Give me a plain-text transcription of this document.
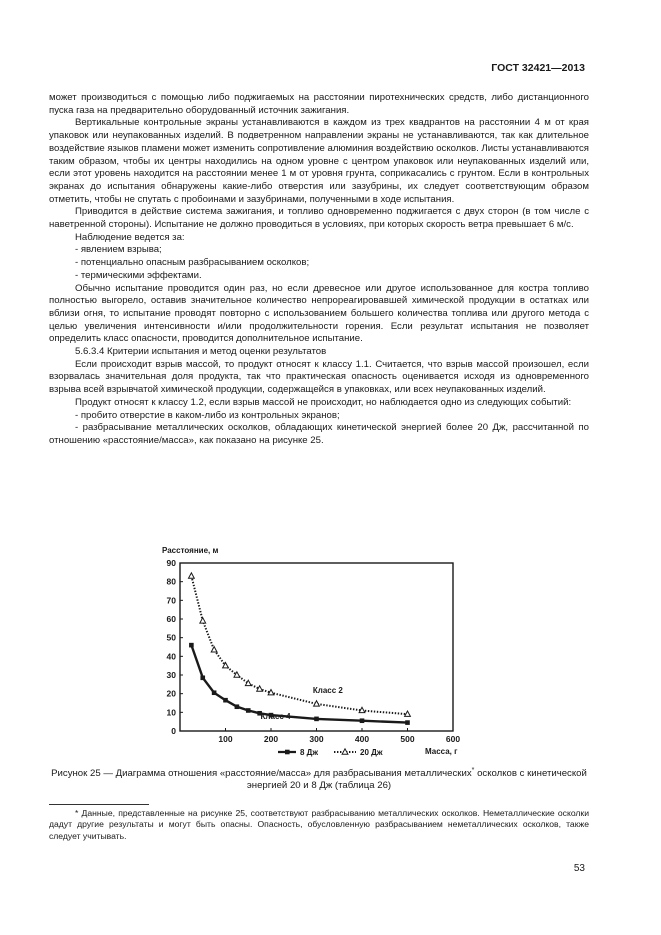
ГОСТ 32421—2013

может производиться с помощью либо поджигаемых на расстоянии пиротехнических средств, либо дистанционного пуска газа на предварительно оборудованный источник зажигания.

Вертикальные контрольные экраны устанавливаются в каждом из трех квадрантов на расстоянии 4 м от края упаковок или неупакованных изделий. В подветренном направлении экраны не устанавливаются, так как длительное воздействие языков пламени может изменить сопротивление алюминия воздействию осколков. Листы устанавливаются таким образом, чтобы их центры находились на одном уровне с центром упаковок или неупакованных изделий или, если этот уровень находится на расстоянии менее 1 м от уровня грунта, соприкасались с грунтом. Если в контрольных экранах до испытания обнаружены какие-либо отверстия или зазубрины, их следует соответствующим образом отметить, чтобы не спутать с пробоинами и зазубринами, полученными в ходе испытания.

Приводится в действие система зажигания, и топливо одновременно поджигается с двух сторон (в том числе с наветренной стороны). Испытание не должно проводиться в условиях, при которых скорость ветра превышает 6 м/с.

Наблюдение ведется за:

- явлением взрыва;

- потенциально опасным разбрасыванием осколков;

- термическими эффектами.

Обычно испытание проводится один раз, но если древесное или другое использованное для костра топливо полностью выгорело, оставив значительное количество непрореагировавшей химической продукции в остатках или вблизи огня, то испытание проводят повторно с использованием большего количества топлива или другого метода с целью увеличения интенсивности и/или продолжительности горения. Если результат испытания не позволяет определить класс опасности, проводится дополнительное испытание.

5.6.3.4 Критерии испытания и метод оценки результатов

Если происходит взрыв массой, то продукт относят к классу 1.1. Считается, что взрыв массой произошел, если взорвалась значительная доля продукта, так что практическая опасность оценивается исходя из одновременного взрыва всей взрывчатой химической продукции, содержащейся в упаковках, или всех неупакованных изделий.

Продукт относят к классу 1.2, если взрыв массой не происходит, но наблюдается одно из следующих событий:

- пробито отверстие в каком-либо из контрольных экранов;

- разбрасывание металлических осколков, обладающих кинетической энергией более 20 Дж, рассчитанной по отношению «расстояние/масса», как показано на рисунке 25.

0
10
20
30
40
50
60
70
80
90
100	200	300	400	500	600
Расстояние, м
Масса, г
Класс 2
Класс 4
8 Дж	20 Дж
Рисунок 25 — Диаграмма отношения «расстояние/масса» для разбрасывания металлических* осколков с кинетической энергией 20 и 8 Дж (таблица 26)
* Данные, представленные на рисунке 25, соответствуют разбрасыванию металлических осколков. Неметаллические осколки дадут другие результаты и могут быть опасны. Опасность, обусловленную разбрасыванием неметаллических осколков, также следует учитывать.
53
